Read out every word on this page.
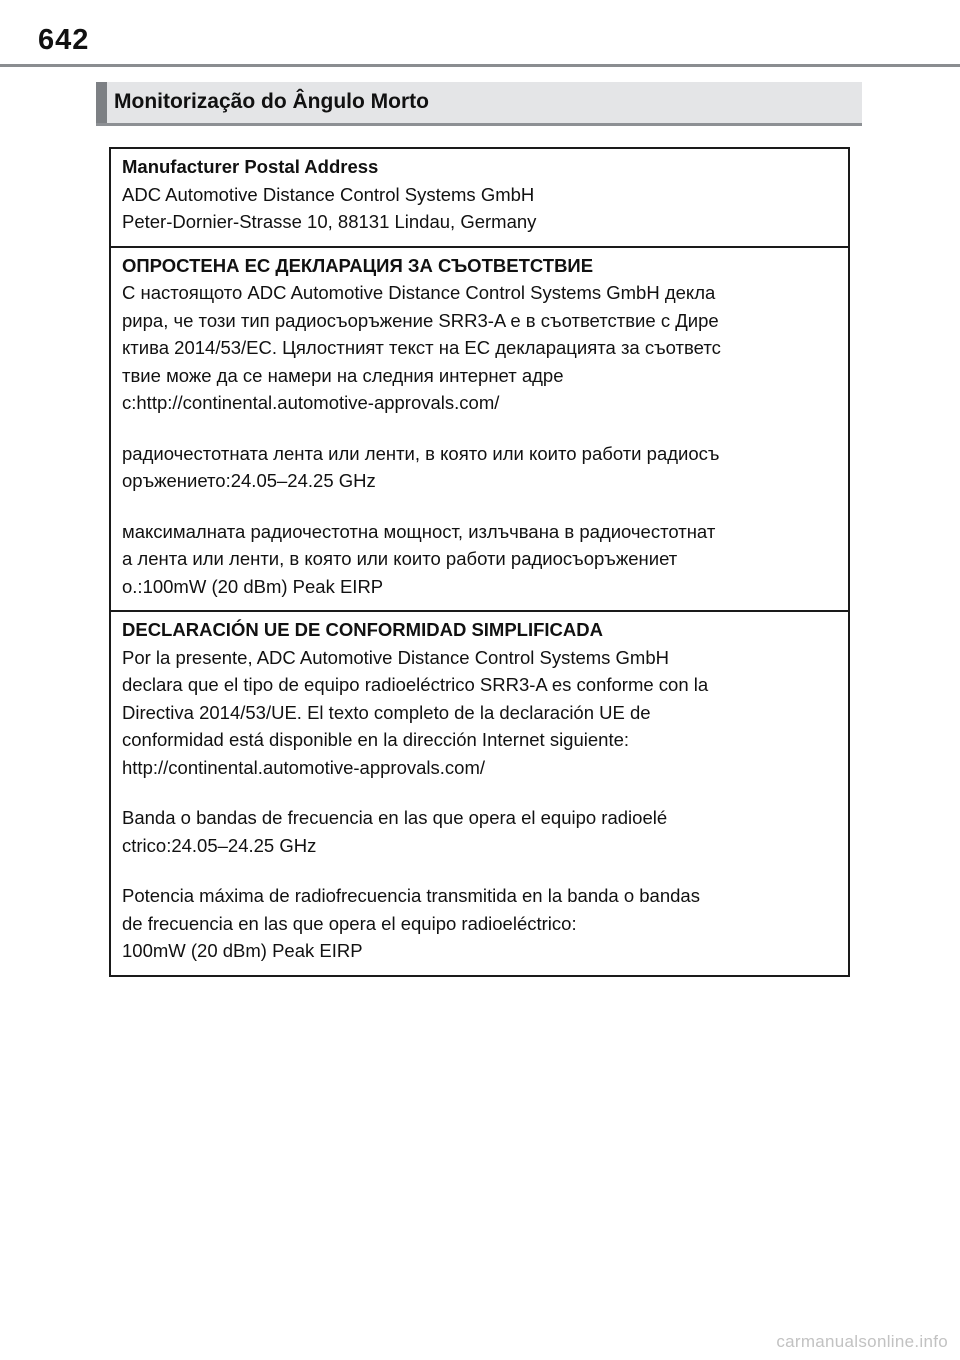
642
Monitorização do Ângulo Morto
Manufacturer Postal Address
ADC Automotive Distance Control Systems GmbH
Peter-Dornier-Strasse 10, 88131 Lindau, Germany
ОПРОСТЕНА ЕС ДЕКЛАРАЦИЯ ЗА СЪОТВЕТСТВИЕ
С настоящото ADC Automotive Distance Control Systems GmbH декла
рира, че този тип радиосъоръжение SRR3-A е в съответствие с Дире
ктива 2014/53/ЕС. Цялостният текст на ЕС декларацията за съответс
твие може да се намери на следния интернет адре
с:http://continental.automotive-approvals.com/
радиочестотната лента или ленти, в която или които работи радиосъ
оръжението:24.05–24.25 GHz
максималната радиочестотна мощност, излъчвана в радиочестотнат
а лента или ленти, в която или които работи радиосъоръжениет
о.:100mW (20 dBm) Peak EIRP
DECLARACIÓN UE DE CONFORMIDAD SIMPLIFICADA
Por la presente, ADC Automotive Distance Control Systems GmbH
declara que el tipo de equipo radioeléctrico SRR3-A es conforme con la
Directiva 2014/53/UE. El texto completo de la declaración UE de
conformidad está disponible en la dirección Internet siguiente:
http://continental.automotive-approvals.com/
Banda o bandas de frecuencia en las que opera el equipo radioelé
ctrico:24.05–24.25 GHz
Potencia máxima de radiofrecuencia transmitida en la banda o bandas
de frecuencia en las que opera el equipo radioeléctrico:
100mW (20 dBm) Peak EIRP
carmanualsonline.info
